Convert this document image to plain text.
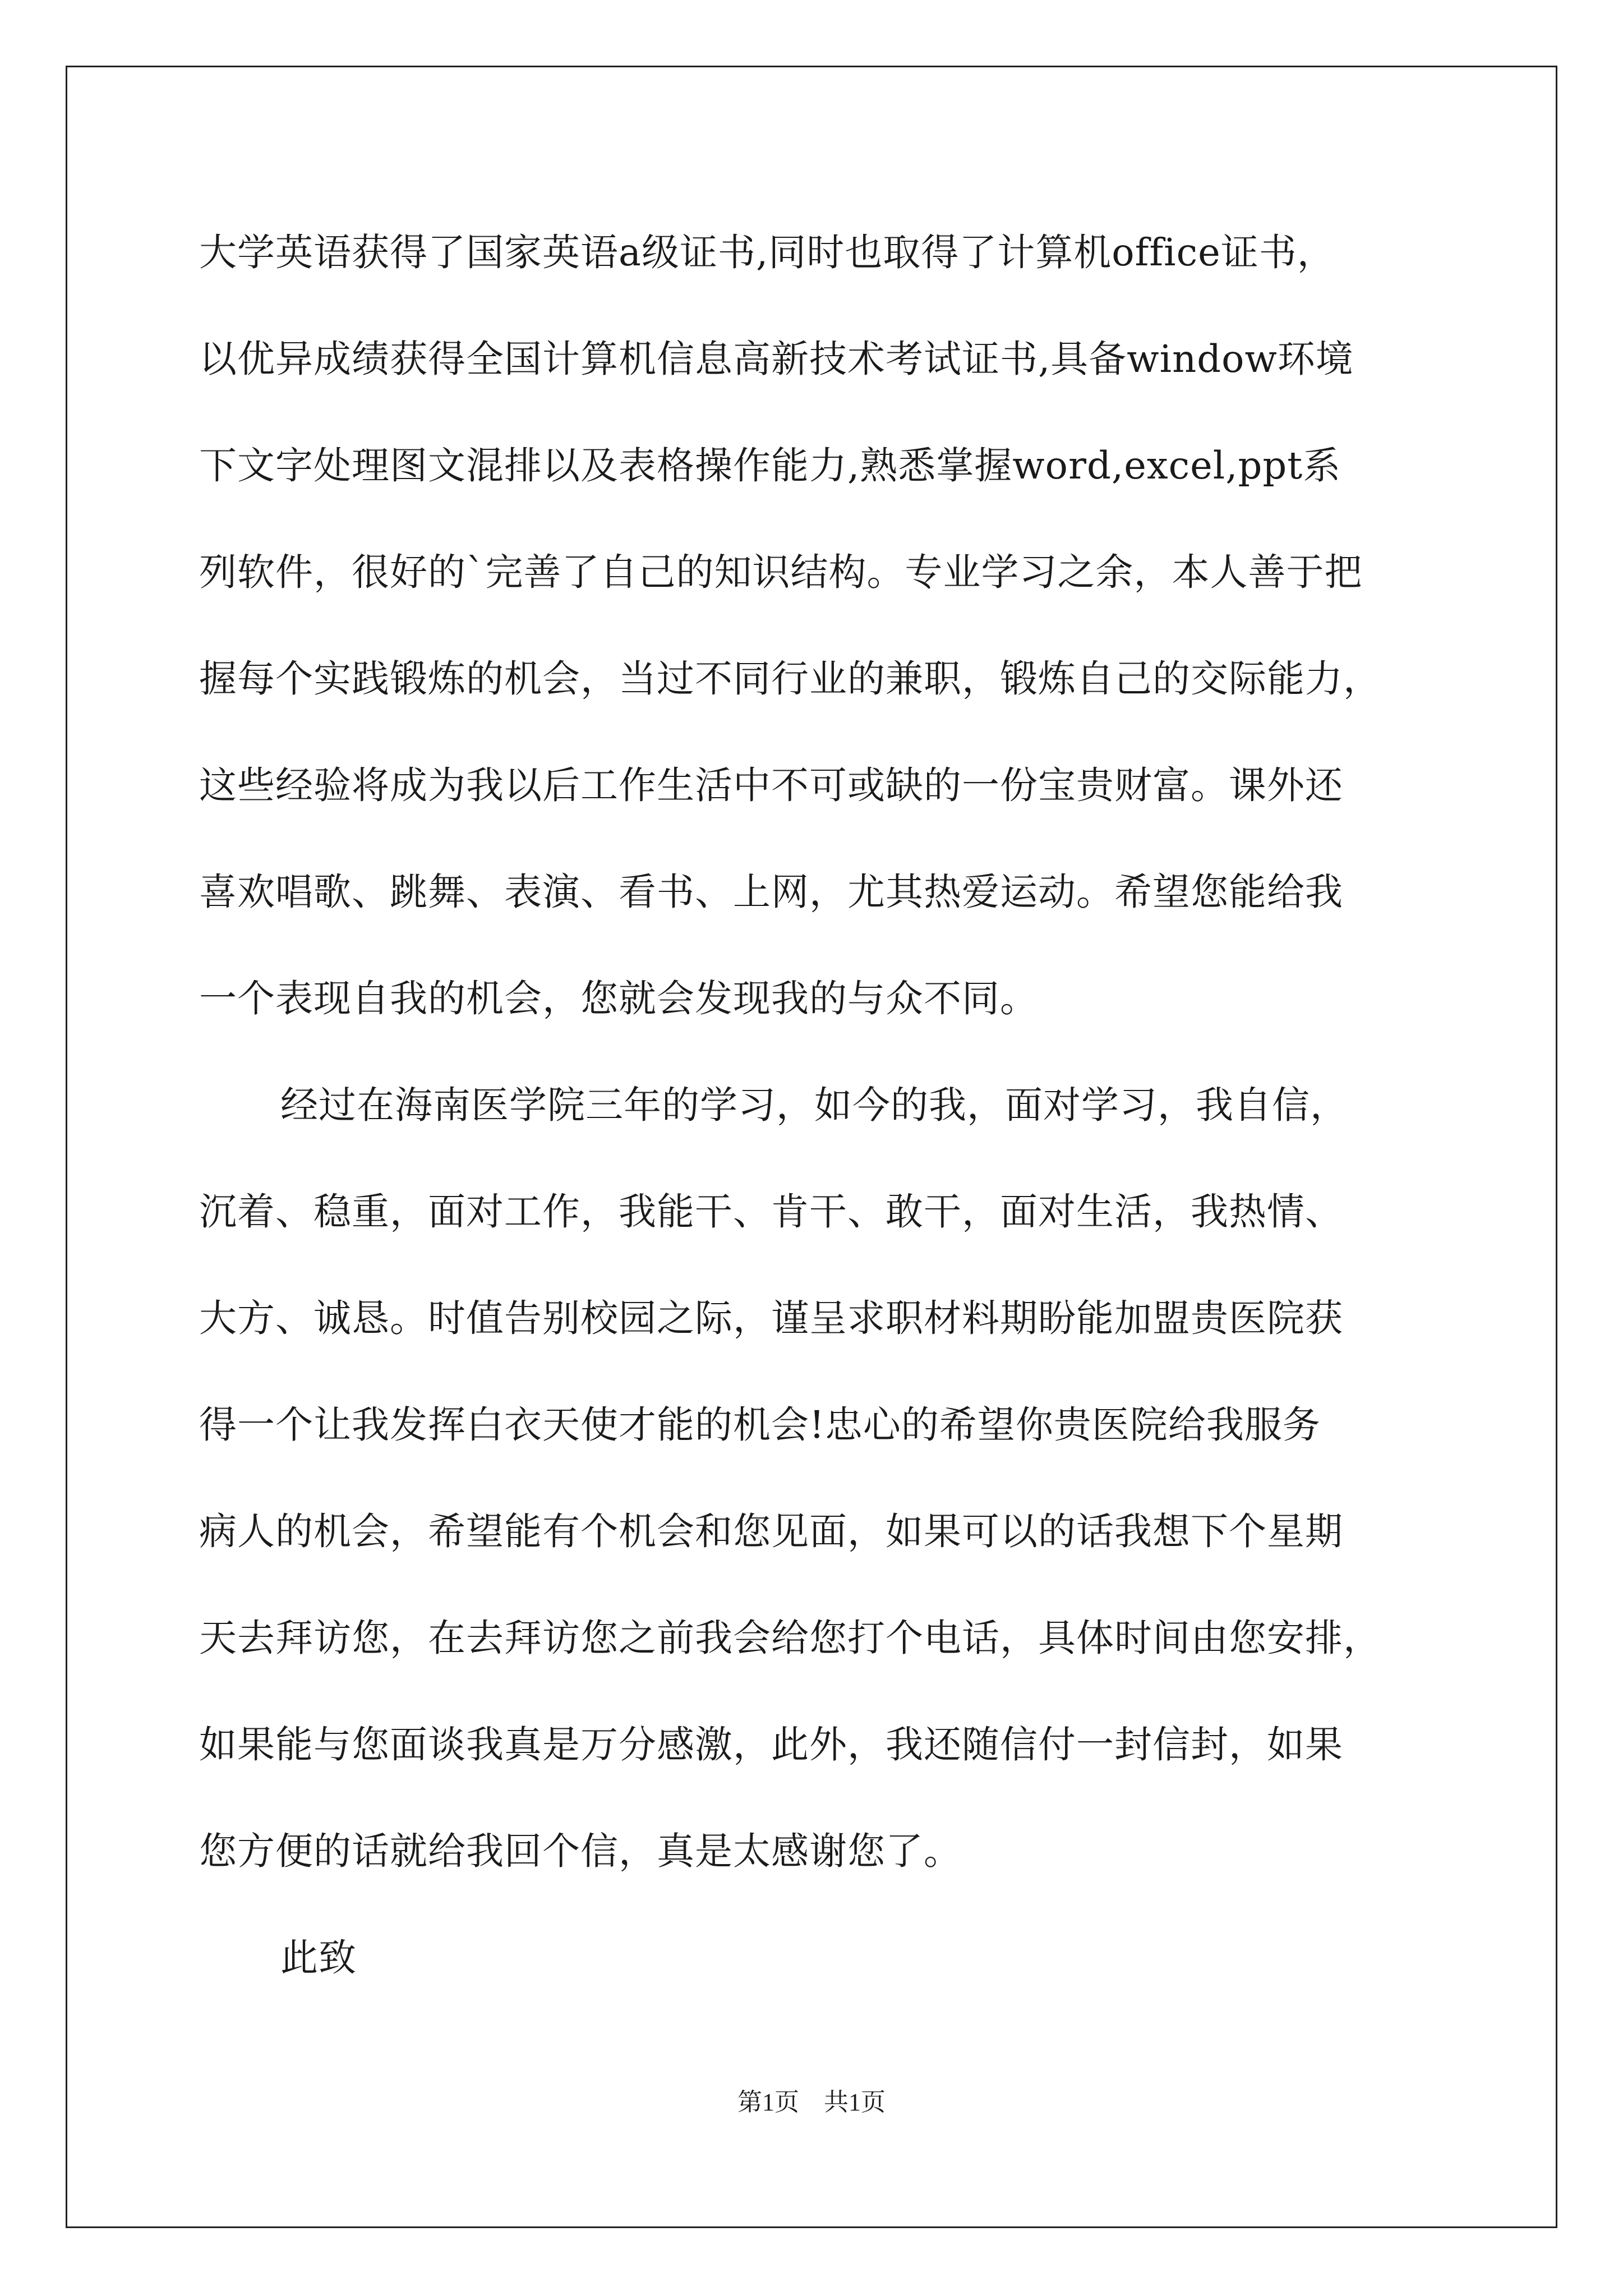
大学英语获得了国家英语a级证书,同时也取得了计算机office证书，

以优异成绩获得全国计算机信息高新技术考试证书,具备window环境

下文字处理图文混排以及表格操作能力,熟悉掌握word,excel,ppt系

列软件，很好的`完善了自己的知识结构。专业学习之余，本人善于把

握每个实践锻炼的机会，当过不同行业的兼职，锻炼自己的交际能力，

这些经验将成为我以后工作生活中不可或缺的一份宝贵财富。课外还

喜欢唱歌、跳舞、表演、看书、上网，尤其热爱运动。希望您能给我

一个表现自我的机会，您就会发现我的与众不同。

经过在海南医学院三年的学习，如今的我，面对学习，我自信，

沉着、稳重，面对工作，我能干、肯干、敢干，面对生活，我热情、

大方、诚恳。时值告别校园之际，谨呈求职材料期盼能加盟贵医院获

得一个让我发挥白衣天使才能的机会!忠心的希望你贵医院给我服务

病人的机会，希望能有个机会和您见面，如果可以的话我想下个星期

天去拜访您，在去拜访您之前我会给您打个电话，具体时间由您安排，

如果能与您面谈我真是万分感激，此外，我还随信付一封信封，如果

您方便的话就给我回个信，真是太感谢您了。

此致

第1页　共1页
